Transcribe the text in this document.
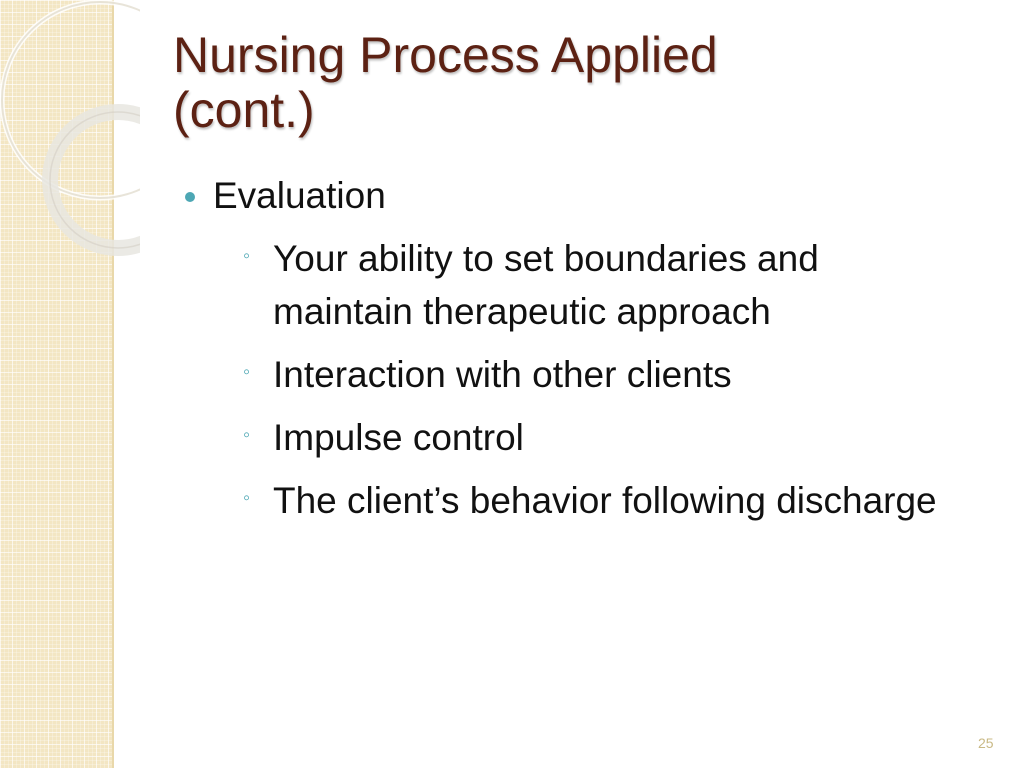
Nursing Process Applied
(cont.)
Evaluation
◦ Your ability to set boundaries and maintain therapeutic approach
◦ Interaction with other clients
◦ Impulse control
◦ The client’s behavior following discharge
25
